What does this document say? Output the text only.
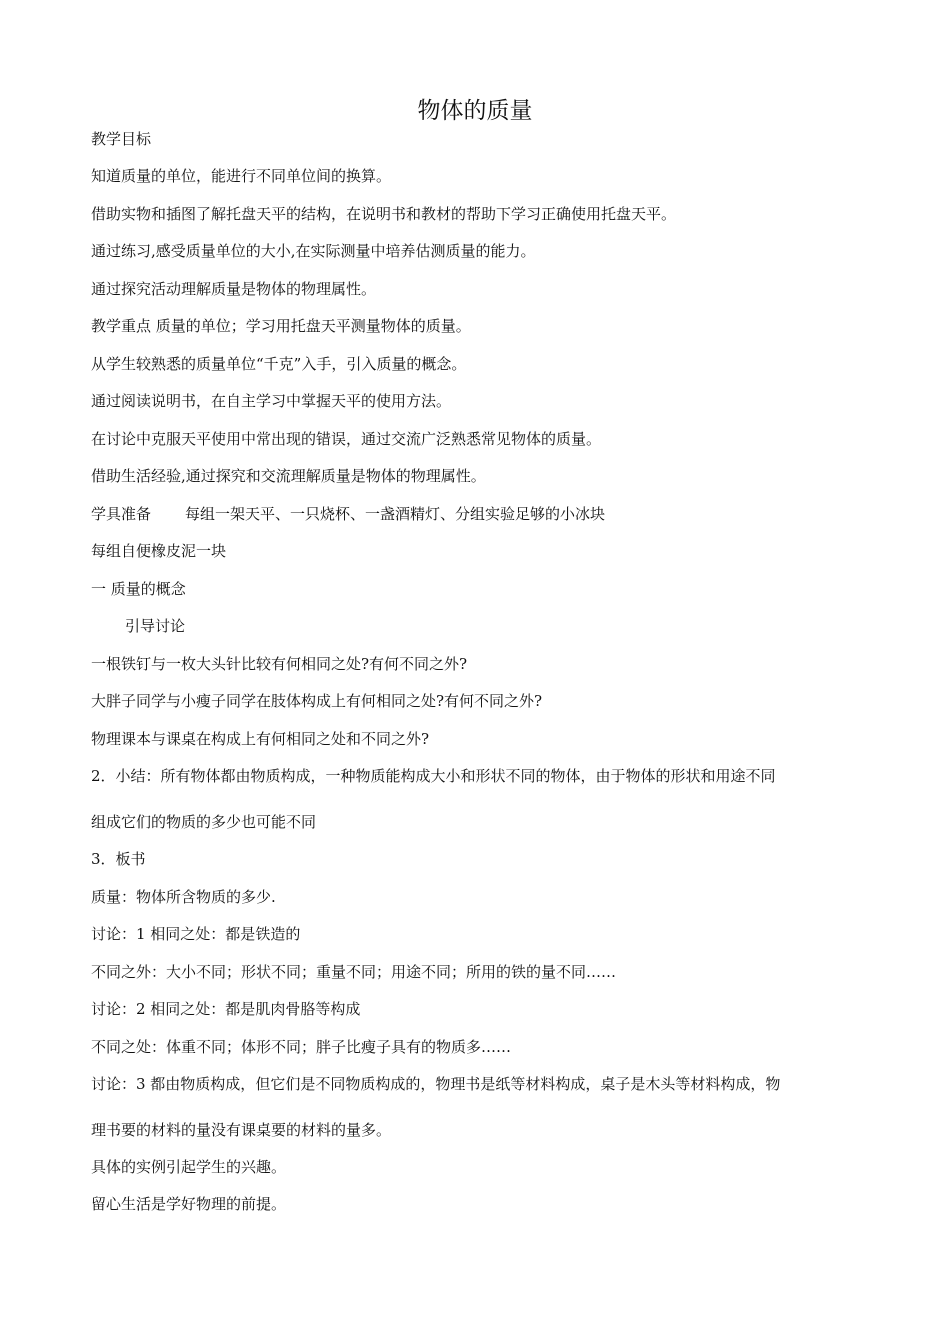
物体的质量
教学目标
知道质量的单位，能进行不同单位间的换算。
借助实物和插图了解托盘天平的结构，在说明书和教材的帮助下学习正确使用托盘天平。
通过练习,感受质量单位的大小,在实际测量中培养估测质量的能力。
通过探究活动理解质量是物体的物理属性。
教学重点 质量的单位；学习用托盘天平测量物体的质量。
从学生较熟悉的质量单位“千克”入手，引入质量的概念。
通过阅读说明书，在自主学习中掌握天平的使用方法。
在讨论中克服天平使用中常出现的错误，通过交流广泛熟悉常见物体的质量。
借助生活经验,通过探究和交流理解质量是物体的物理属性。
学具准备 每组一架天平、一只烧杯、一盏酒精灯、分组实验足够的小冰块
每组自便橡皮泥一块
一 质量的概念
引导讨论
一根铁钉与一枚大头针比较有何相同之处?有何不同之外?
大胖子同学与小瘦子同学在肢体构成上有何相同之处?有何不同之外?
物理课本与课桌在构成上有何相同之处和不同之外?
2．小结：所有物体都由物质构成，一种物质能构成大小和形状不同的物体，由于物体的形状和用途不同
组成它们的物质的多少也可能不同
3．板书
质量：物体所含物质的多少.
讨论：1 相同之处：都是铁造的
不同之外：大小不同；形状不同；重量不同；用途不同；所用的铁的量不同……
讨论：2 相同之处：都是肌肉骨胳等构成
不同之处：体重不同；体形不同；胖子比瘦子具有的物质多……
讨论：3 都由物质构成，但它们是不同物质构成的，物理书是纸等材料构成，桌子是木头等材料构成，物
理书要的材料的量没有课桌要的材料的量多。
具体的实例引起学生的兴趣。
留心生活是学好物理的前提。
